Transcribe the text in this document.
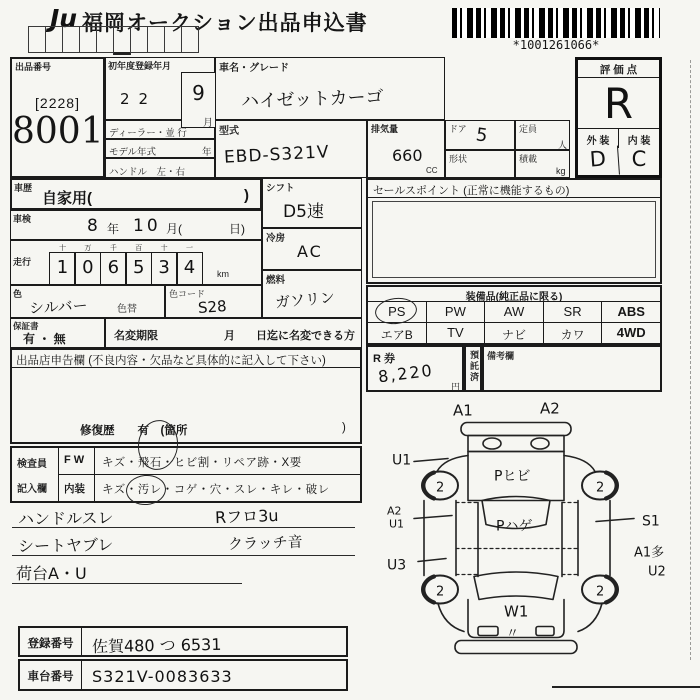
Ju 福岡オークション出品申込書
*1001261066*
出品番号
[2228]
8001
初年度登録年月
22	9
月
ディーラー・並 行
モデル年式	年
ハンドル　左・右
車名・グレード
ハイゼットカーゴ
型式
EBD-S321V
排気量
660
CC
ドア 5	定員
人
形状	積載
kg
評 価 点
R
外 装	内 装
D	C
車歴
自家用(	)
車検	8 年 10 月(	日)
走行
十
1
万
0
千
6
百
5
十
3
一
4	km
色
シルバー	色替
色コード
S28
シフト
D5速
冷房
AC
燃料
ガソリン
保証書
有 ・ 無	名変期限	月 日迄に名変できる方
セールスポイント (正常に機能するもの)
装備品(純正品に限る)
PS	PW	AW	SR	ABS
エアB	TV	ナビ	カワ	4WD
R 券
8,220
円
預託済 備考欄
出品店申告欄 (不良内容・欠品など具体的に記入して下さい)
修復歴　　有　(箇所	)
検査員
記入欄
F W キズ・飛石・ヒビ割・リペア跡・X要
内装 キズ・汚レ・コゲ・穴・スレ・キレ・破レ
ハンドルスレ	Rフロ3u
シートヤブレ	クラッチ音
荷台A・U
登録番号	佐賀480 つ 6531
車台番号	S321V-0083633
A1	A2
U1
A2
U1
U3
S1
A1多
U2
2	2
2	2
Pヒビ
Pハゲ
W1
〃
